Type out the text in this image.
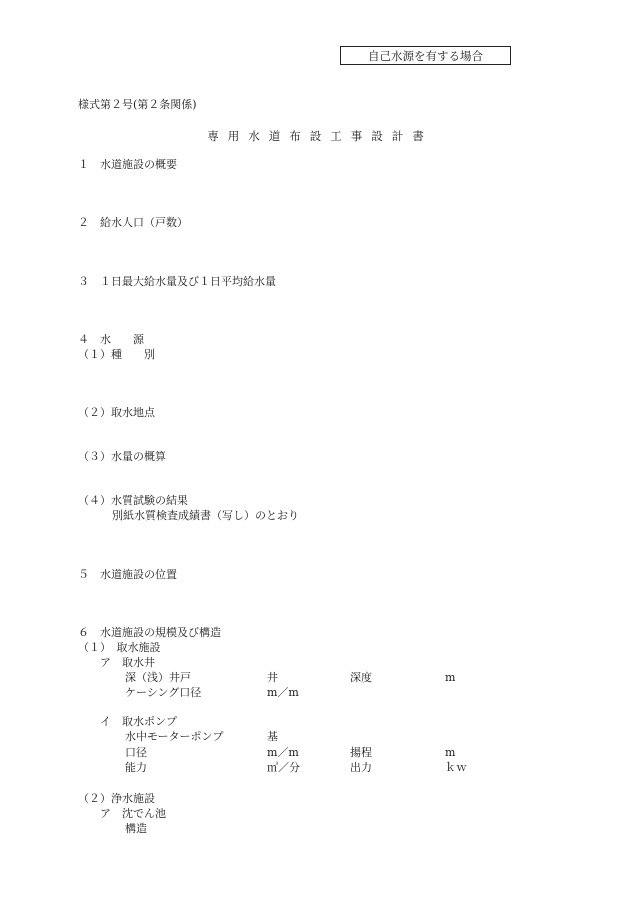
自己水源を有する場合
様式第２号(第２条関係)
専用水道布設工事設計書
１　水道施設の概要
２　給水人口（戸数）
３　１日最大給水量及び１日平均給水量
４　水　　源
（１）種　　別
（２）取水地点
（３）水量の概算
（４）水質試験の結果
別紙水質検査成績書（写し）のとおり
５　水道施設の位置
６　水道施設の規模及び構造
（１）　取水施設
ア　取水井
深（浅）井戸	井	深度	m
ケーシング口径	m／m
イ　取水ポンプ
水中モーターポンプ	基
口径	m／m	揚程	m
能力	㎥／分	出力	ｋｗ
（２）浄水施設
ア　沈でん池
構造
